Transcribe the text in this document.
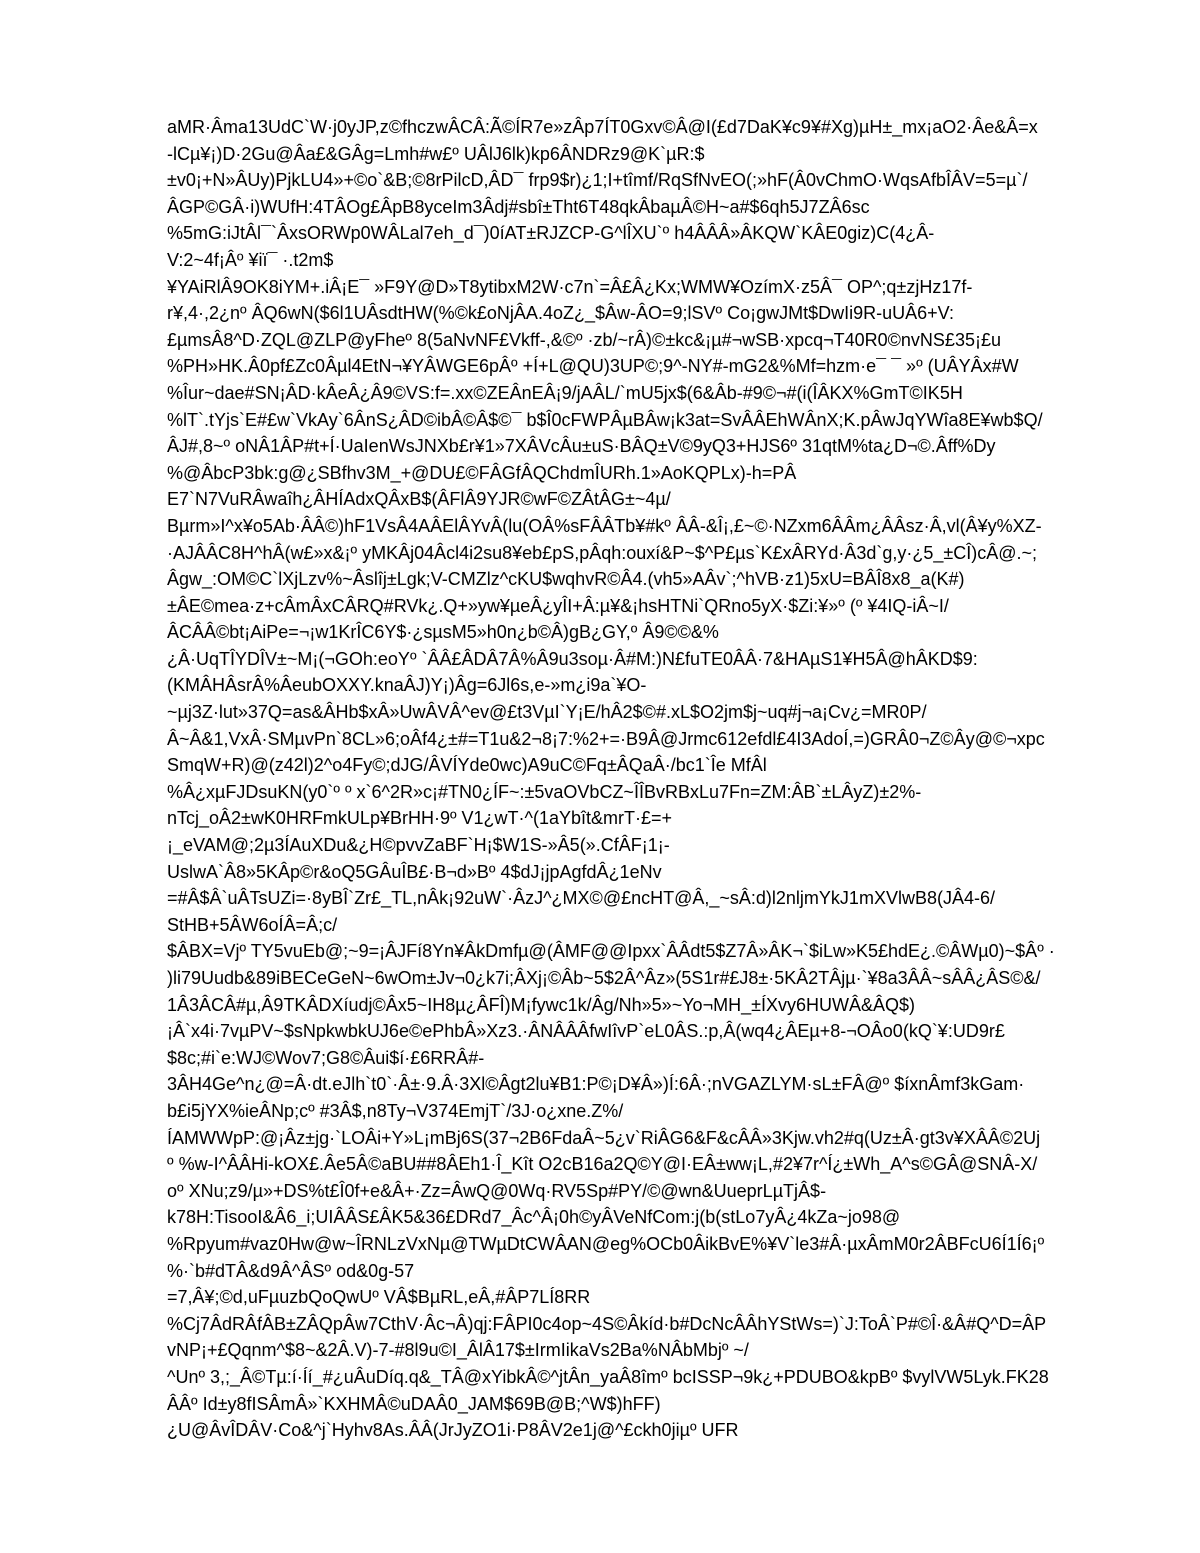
aMR·Âma13UdC`W·j0yJP,z©fhczwÂCÂ:Ã©ÍR7e»zÂp7ÍT0Gxv©Â@I(£d7DaK¥c9¥#Xg)µH±_mx¡aO2·Âe&Â=x
-lCµ¥¡)D·2Gu@Âa£&GÂg=Lmh#w£º UÂlJ6lk)kp6ÂNDRz9@K`µR:$
±v0¡+N»ÂUy)PjkLU4»+©o`&B;©8rPilcD,ÂD¯ frp9$r)¿1;I+tîmf/RqSfNvEO(;»hF(Â0vChmO·WqsAfbÎÂV=5=µ`/
ÂGP©GÂ·i)WUfH:4TÂOg£ÂpB8yceIm3Âdj#sbî±Tht6T48qkÂbaµÂ©H~a#$6qh5J7ZÂ6sc
%5mG:iJtÂl¯`ÂxsORWp0WÂLal7eh_d¯)0íAT±RJZCP-G^lÎXU`º h4ÂÂÂ»ÂKQW`KÂE0giz)C(4¿Â-
V:2~4f¡Âº ¥iï¯ ·.t2m$
¥YAiRlÂ9OK8iYM+.iÂ¡E¯ »F9Y@D»T8ytibxM2W·c7n`=Â£Â¿Kx;WMW¥OzímX·z5Â¯ OP^;q±zjHz17f-
r¥,4·,2¿nº ÂQ6wN($6l1UÂsdtHW(%©k£oNjÂA.4oZ¿_$Âw-ÂO=9;lSVº Co¡gwJMt$DwIi9R-uUÂ6+V:
£µmsÂ8^D·ZQL@ZLP@yFheº 8(5aNvNF£Vkff-,&©º ·zb/~rÂ)©±kc&¡µ#¬wSB·xpcq¬T40R0©nvNS£35¡£u
%PH»HK.Â0pf£Zc0Âµl4EtN¬¥YÂWGE6pÂº +Í+L@QU)3UP©;9^-NY#-mG2&%Mf=hzm·e¯ ¯ »º (UÂYÂx#W
%Îur~dae#SN¡ÂD·kÂeÂ¿Â9©VS:f=.xx©ZEÂnEÂ¡9/jAÂL/`mU5jx$(6&Âb-#9©¬#(i(ÎÂKX%GmT©IK5H
%lT`.tYjs`E#£w`VkAy`6ÂnS¿ÂD©ibÂ©Â$©¯ b$Î0cFWPÂµBÂw¡k3at=SvÂÂEhWÂnX;K.pÂwJqYWîa8E¥wb$Q/
ÂJ#,8~º oNÂ1ÂP#t+Í·UaIenWsJNXb£r¥1»7XÂVcÂu±uS·BÂQ±V©9yQ3+HJS6º 31qtM%ta¿D¬©.Âff%Dy
%@ÂbcP3bk:g@¿SBfhv3M_+@DU£©FÂGfÂQChdmÎURh.1»AoKQPLx)-h=PÂ
E7`N7VuRÂwaîh¿ÂHÍAdxQÂxB$(ÂFlÂ9YJR©wF©ZÂtÂG±~4µ/
Bµrm»I^x¥o5Ab·ÂÂ©)hF1VsÂ4AÂElÂYvÂ(lu(OÂ%sFÂÂTb¥#kº ÂÂ-&Î¡,£~©·NZxm6ÂÂm¿ÂÂsz·Â,vl(Â¥y%XZ-
·AJÂÂC8H^hÂ(w£»x&¡º yMKÂj04Âcl4i2su8¥eb£pS,pÂqh:ouxí&P~$^P£µs`K£xÂRYd·Â3d`g,y·¿5_±CÎ)cÂ@.~;
Âgw_:OM©C`lXjLzv%~Âslîj±Lgk;V-CMZlz^cKU$wqhvR©Â4.(vh5»AÂv`;^hVB·z1)5xU=BÂÎ8x8_a(K#)
±ÂE©mea·z+cÂmÂxCÂRQ#RVk¿.Q+»yw¥µeÂ¿yÎI+Â:µ¥&¡hsHTNi`QRno5yX·$Zi:¥»º (º ¥4IQ-iÂ~I/
ÂCÂÂ©bt¡AiPe=¬¡w1KrÎC6Y$·¿sµsM5»h0n¿b©Â)gB¿GY,º Â9©©&%
¿Â·UqTÎYDÎV±~M¡(¬GOh:eoYº `ÂÂ£ÂDÂ7Â%Â9u3soµ·Â#M:)N£fuTE0ÂÂ·7&HAµS1¥H5Â@hÂKD$9:
(KMÂHÂsrÂ%ÂeubOXXY.knaÂJ)Y¡)Âg=6Jl6s,e-»m¿i9a`¥O-
~µj3Z·lut»37Q=as&ÂHb$xÂ»UwÂVÂ^ev@£t3VµI`Y¡E/hÂ2$©#.xL$O2jm$j~uq#j¬a¡Cv¿=MR0P/
Â~Â&1,VxÂ·SMµvPn`8CL»6;oÂf4¿±#=T1u&2¬8¡7:%2+=·B9Â@Jrmc612efdl£4I3AdoÍ,=)GRÂ0¬Z©Ây@©¬xpc
SmqW+R)@(z42l)2^o4Fy©;dJG/ÂVÍYde0wc)A9uC©Fq±ÂQaÂ·/bc1`Îe MfÂl
%Â¿xµFJDsuKN(y0`º º x`6^2R»c¡#TN0¿ÍF~:±5vaOVbCZ~ÎÎBvRBxLu7Fn=ZM:ÂB`±LÂyZ)±2%-
nTcj_oÂ2±wK0HRFmkULp¥BrHH·9º V1¿wT·^(1aYbît&mrT·£=+
¡_eVAM@;2µ3ÍAuXDu&¿H©pvvZaBF`H¡$W1S-»Â5(».CfÂF¡1¡-
UslwA`Â8»5KÂp©r&oQ5GÂuÎB£·B¬d»Bº 4$dJ¡jpAgfdÂ¿1eNv
=#Â$Â`uÂTsUZi=·8yBÎ`Zr£_TL,nÂk¡92uW`·ÂzJ^¿MX©@£ncHT@Â,_~sÂ:d)l2nljmYkJ1mXVlwB8(JÂ4-6/
StHB+5ÂW6oÍÂ=Â;c/
$ÂBX=Vjº TY5vuEb@;~9=¡ÂJFí8Yn¥ÂkDmfµ@(ÂMF@@Ipxx`ÂÂdt5$Z7Â»ÂK¬`$iLw»K5£hdE¿.©ÂWµ0)~$Âº ·
)li79Uudb&89iBECeGeN~6wOm±Jv¬0¿k7i;ÂXj¡©Âb~5$2Â^Âz»(5S1r#£J8±·5KÂ2TÂjµ·`¥8a3ÂÂ~sÂÂ¿ÂS©&/
1Â3ÂCÂ#µ,Â9TKÂDXíudj©Âx5~IH8µ¿ÂFÎ)M¡fywc1k/Âg/Nh»5»~Yo¬MH_±ÍXvy6HUWÂ&ÂQ$)
¡Â`x4i·7vµPV~$sNpkwbkUJ6e©ePhbÂ»Xz3.·ÂNÂÂÂfwIîvP`eL0ÂS.:p,Â(wq4¿ÂEµ+8-¬OÂo0(kQ`¥:UD9r£
$8c;#i`e:WJ©Wov7;G8©Âui$í·£6RRÂ#-
3ÂH4Ge^n¿@=Â·dt.eJlh`t0`·Â±·9.Â·3Xl©Âgt2lu¥B1:P©¡D¥Â»)Í:6Â·;nVGAZLYM·sL±FÂ@º $íxnÂmf3kGam·
b£i5jYX%ieÂNp;cº #3Â$,n8Ty¬V374EmjT`/3J·o¿xne.Z%/
ÍAMWWpP:@¡Âz±jg·`LOÂi+Y»L¡mBj6S(37¬2B6FdaÂ~5¿v`RiÂG6&F&cÂÂ»3Kjw.vh2#q(Uz±Â·gt3v¥XÂÂ©2Uj
º %w-I^ÂÂHi-kOX£.Âe5Â©aBU##8ÂEh1·Î_Kît O2cB16a2Q©Y@I·EÂ±ww¡L,#2¥7r^Í¿±Wh_A^s©GÂ@SNÂ-X/
oº XNu;z9/µ»+DS%t£Î0f+e&Â+·Zz=ÂwQ@0Wq·RV5Sp#PY/©@wn&UueprLµTjÂ$-
k78H:TisooI&Â6_i;UIÂÂS£ÂK5&36£DRd7_Âc^Â¡0h©yÂVeNfCom:j(b(stLo7yÂ¿4kZa~jo98@
%Rpyum#vaz0Hw@w~ÎRNLzVxNµ@TWµDtCWÂAN@eg%OCb0ÂikBvE%¥V`le3#Â·µxÂmM0r2ÂBFcU6Í1Í6¡º
%·`b#dTÂ&d9Â^ÂSº od&0g-57
=7,Â¥;©d,uFµuzbQoQwUº VÂ$BµRL,eÂ,#ÂP7LÍ8RR
%Cj7ÂdRÂfÂB±ZÂQpÂw7CthV·Âc¬Â)qj:FÂPI0c4op~4S©Âkíd·b#DcNcÂÂhYStWs=)`J:ToÂ`P#©Î·&Â#Q^D=ÂP
vNP¡+£Qqnm^$8~&2Â.V)-7-#8l9u©I_ÂlÂ17$±IrmIikaVs2Ba%NÂbMbjº ~/
^Unº 3,;_Â©Tµ:í·Íí_#¿uÂuDíq.q&_TÂ@xYibkÂ©^jtÂn_yaÂ8îmº bcISSP¬9k¿+PDUBO&kpBº $vylVW5Lyk.FK28
ÂÂº Id±y8fISÂmÂ»`KXHMÂ©uDAÂ0_JAM$69B@B;^W$)hFF)
¿U@ÂvÎDÂV·Co&^j`Hyhv8As.ÂÂ(JrJyZO1i·P8ÂV2e1j@^£ckh0jiµº UFR
